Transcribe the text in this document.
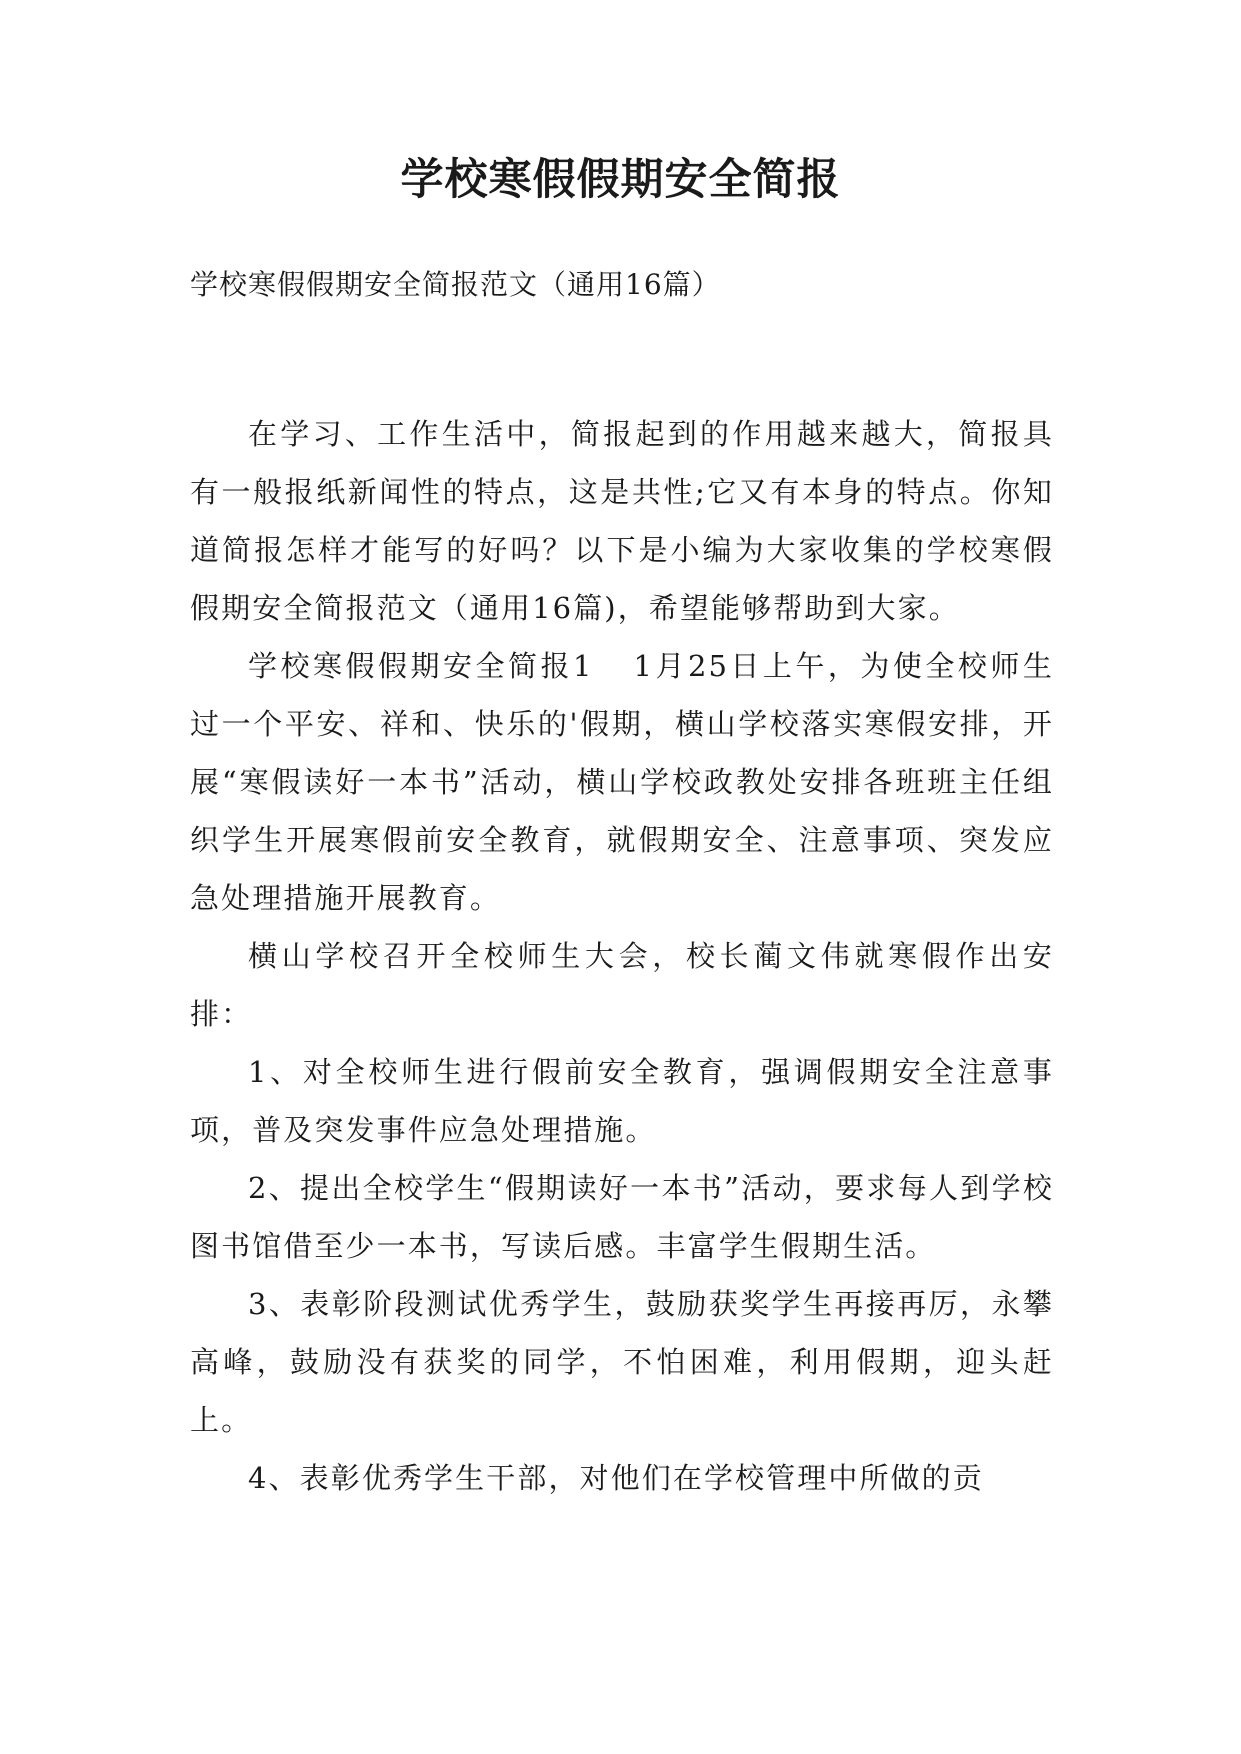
学校寒假假期安全简报

学校寒假假期安全简报范文（通用16篇）

在学习、工作生活中，简报起到的作用越来越大，简报具有一般报纸新闻性的特点，这是共性;它又有本身的特点。你知道简报怎样才能写的好吗？以下是小编为大家收集的学校寒假假期安全简报范文（通用16篇)，希望能够帮助到大家。

学校寒假假期安全简报1 1月25日上午，为使全校师生过一个平安、祥和、快乐的'假期，横山学校落实寒假安排，开展“寒假读好一本书”活动，横山学校政教处安排各班班主任组织学生开展寒假前安全教育，就假期安全、注意事项、突发应急处理措施开展教育。

横山学校召开全校师生大会，校长蔺文伟就寒假作出安排：

1、对全校师生进行假前安全教育，强调假期安全注意事项，普及突发事件应急处理措施。

2、提出全校学生“假期读好一本书”活动，要求每人到学校图书馆借至少一本书，写读后感。丰富学生假期生活。

3、表彰阶段测试优秀学生，鼓励获奖学生再接再厉，永攀高峰，鼓励没有获奖的同学，不怕困难，利用假期，迎头赶上。

4、表彰优秀学生干部，对他们在学校管理中所做的贡
